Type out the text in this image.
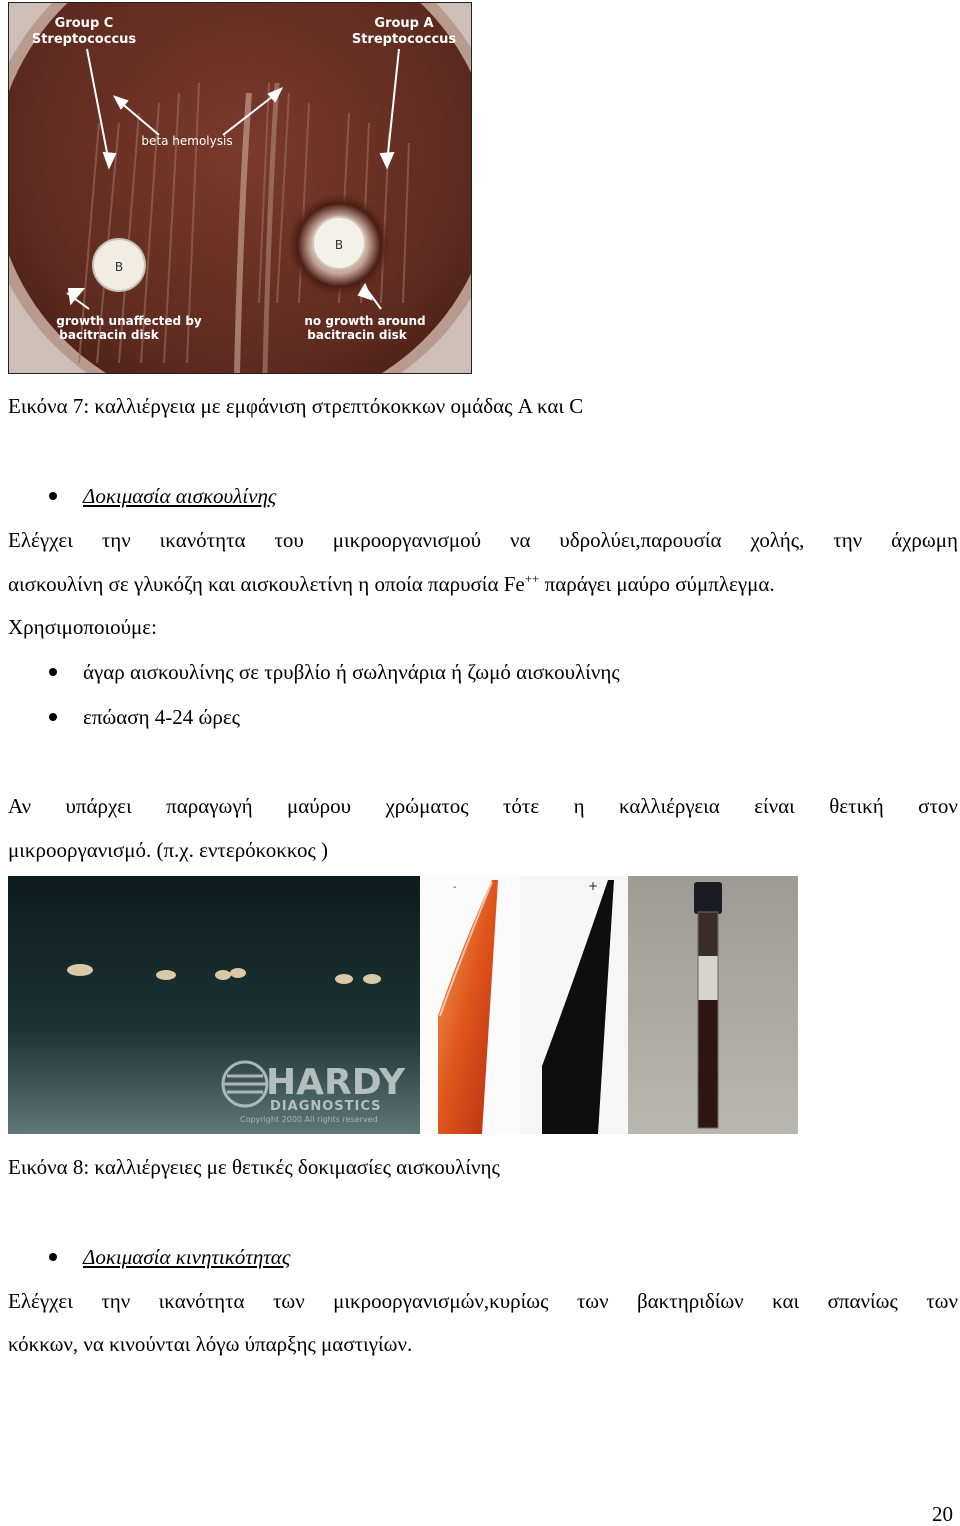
B
B
Group C
Streptococcus
Group A
Streptococcus
beta hemolysis
growth unaffected by
bacitracin disk
no growth around
bacitracin disk
Εικόνα 7: καλλιέργεια με εμφάνιση στρεπτόκοκκων ομάδας A και C
Δοκιμασία αισκουλίνης
Ελέγχει την ικανότητα του μικροοργανισμού να υδρολύει,παρουσία χολής, την άχρωμη
αισκουλίνη σε γλυκόζη και αισκουλετίνη η οποία παρυσία Fe++ παράγει μαύρο σύμπλεγμα.
Χρησιμοποιούμε:
άγαρ αισκουλίνης σε τρυβλίο ή σωληνάρια ή ζωμό αισκουλίνης
επώαση 4-24 ώρες
Αν υπάρχει παραγωγή μαύρου χρώματος τότε η καλλιέργεια είναι θετική στον
μικροοργανισμό. (π.χ. εντερόκοκκος )
HARDY
DIAGNOSTICS
Copyright 2000 All rights reserved
-	+
Εικόνα 8: καλλιέργειες με θετικές δοκιμασίες αισκουλίνης
Δοκιμασία κινητικότητας
Ελέγχει την ικανότητα των μικροοργανισμών,κυρίως των βακτηριδίων και σπανίως των
κόκκων, να κινούνται λόγω ύπαρξης μαστιγίων.
20
